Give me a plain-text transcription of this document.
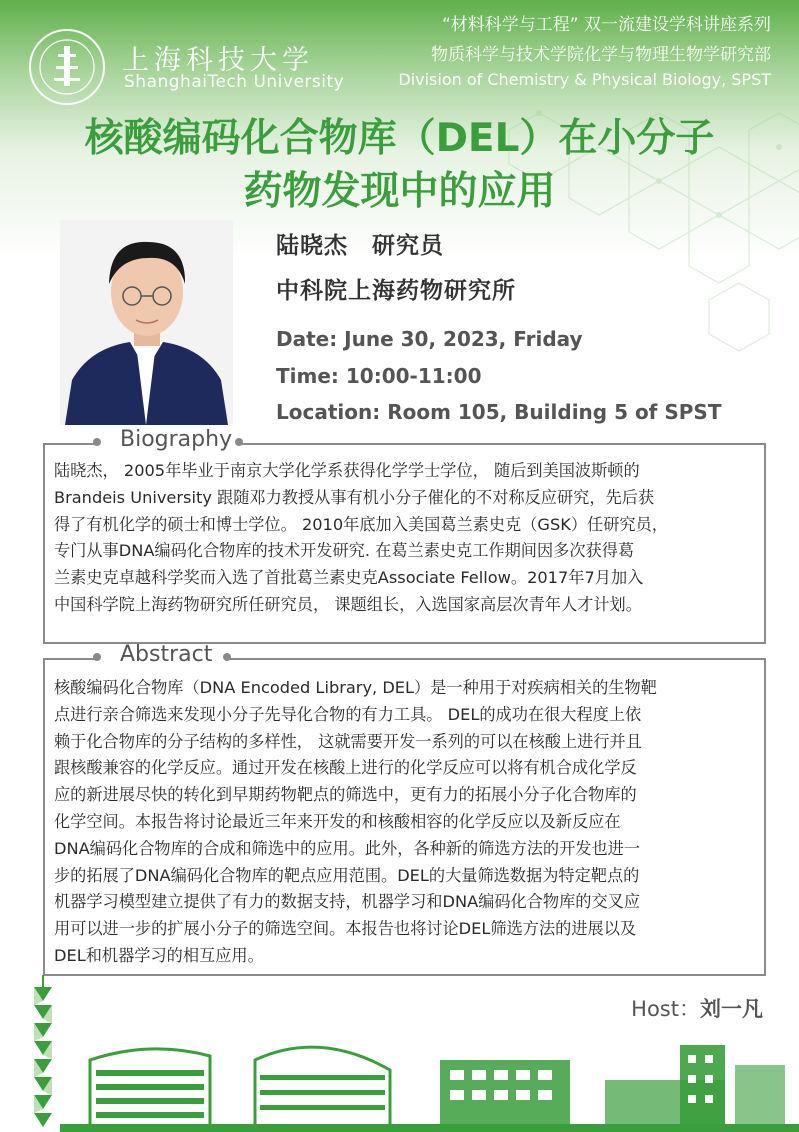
上海科技大学
ShanghaiTech University
“材料科学与工程” 双一流建设学科讲座系列
物质科学与技术学院化学与物理生物学研究部
Division of Chemistry & Physical Biology, SPST
核酸编码化合物库（DEL）在小分子
药物发现中的应用
陆晓杰　研究员
中科院上海药物研究所
Date: June 30, 2023, Friday
Time: 10:00-11:00
Location: Room 105, Building 5 of SPST
Biography
陆晓杰， 2005年毕业于南京大学化学系获得化学学士学位， 随后到美国波斯顿的
Brandeis University 跟随邓力教授从事有机小分子催化的不对称反应研究，先后获
得了有机化学的硕士和博士学位。 2010年底加入美国葛兰素史克（GSK）任研究员，
专门从事DNA编码化合物库的技术开发研究. 在葛兰素史克工作期间因多次获得葛
兰素史克卓越科学奖而入选了首批葛兰素史克Associate Fellow。2017年7月加入
中国科学院上海药物研究所任研究员， 课题组长，入选国家高层次青年人才计划。
Abstract
核酸编码化合物库（DNA Encoded Library, DEL）是一种用于对疾病相关的生物靶
点进行亲合筛选来发现小分子先导化合物的有力工具。 DEL的成功在很大程度上依
赖于化合物库的分子结构的多样性， 这就需要开发一系列的可以在核酸上进行并且
跟核酸兼容的化学反应。通过开发在核酸上进行的化学反应可以将有机合成化学反
应的新进展尽快的转化到早期药物靶点的筛选中，更有力的拓展小分子化合物库的
化学空间。本报告将讨论最近三年来开发的和核酸相容的化学反应以及新反应在
DNA编码化合物库的合成和筛选中的应用。此外，各种新的筛选方法的开发也进一
步的拓展了DNA编码化合物库的靶点应用范围。DEL的大量筛选数据为特定靶点的
机器学习模型建立提供了有力的数据支持，机器学习和DNA编码化合物库的交叉应
用可以进一步的扩展小分子的筛选空间。本报告也将讨论DEL筛选方法的进展以及
DEL和机器学习的相互应用。
Host：刘一凡
